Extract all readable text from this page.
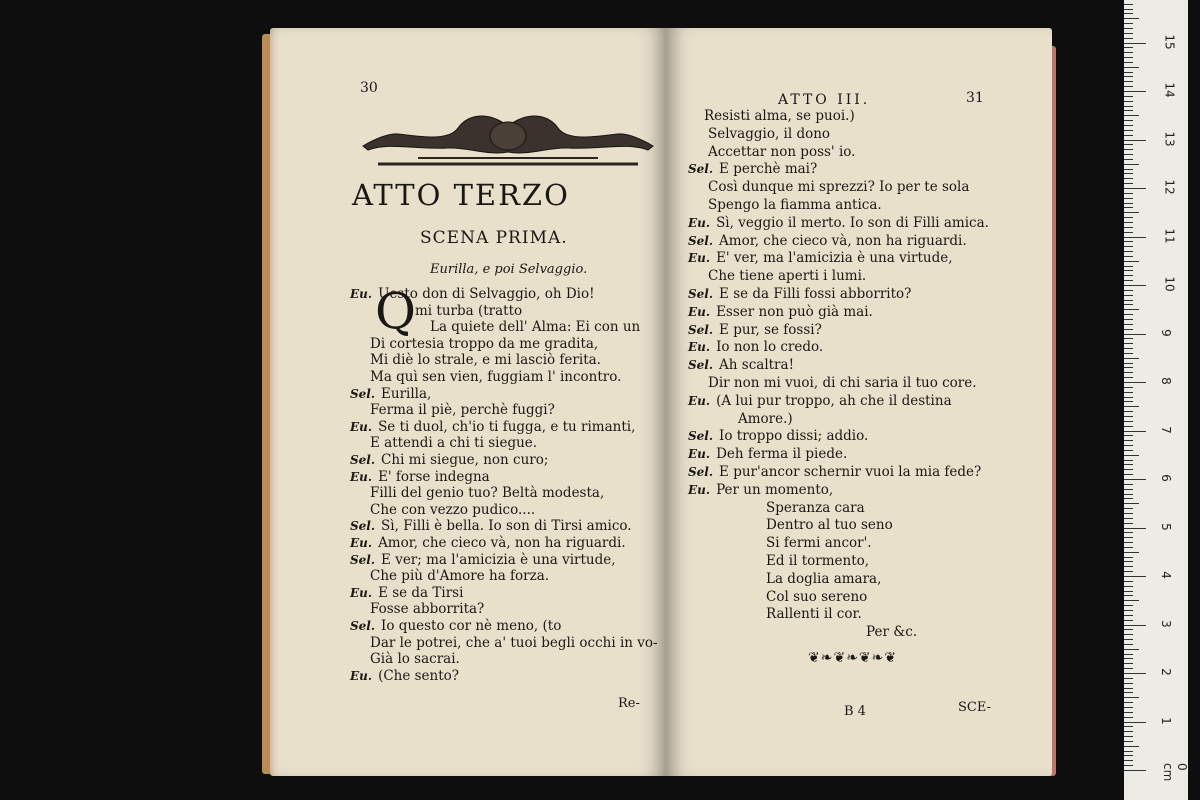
30
ATTO TERZO
SCENA PRIMA.
Eurilla, e poi Selvaggio.
Q
Eu. Uesto don di Selvaggio, oh Dio!
mi turba (tratto
La quiete dell' Alma: Ei con un
Di cortesia troppo da me gradita,
Mi diè lo strale, e mi lasciò ferita.
Ma quì sen vien, fuggiam l' incontro.
Sel. Eurilla,
Ferma il piè, perchè fuggi?
Eu. Se ti duol, ch'io ti fugga, e tu rimanti,
E attendi a chi ti siegue.
Sel. Chi mi siegue, non curo;
Eu. E' forse indegna
Filli del genio tuo? Beltà modesta,
Che con vezzo pudico....
Sel. Sì, Filli è bella. Io son di Tirsi amico.
Eu. Amor, che cieco và, non ha riguardi.
Sel. E ver; ma l'amicizia è una virtude,
Che più d'Amore ha forza.
Eu. E se da Tirsi
Fosse abborrita?
Sel. Io questo cor nè meno, (to
Dar le potrei, che a' tuoi begli occhi in vo-
Già lo sacrai.
Eu. (Che sento?
Re-
ATTO III.	31
Resisti alma, se puoi.)
Selvaggio, il dono
Accettar non poss' io.
Sel. E perchè mai?
Così dunque mi sprezzi? Io per te sola
Spengo la fiamma antica.
Eu. Sì, veggio il merto. Io son di Filli amica.
Sel. Amor, che cieco và, non ha riguardi.
Eu. E' ver, ma l'amicizia è una virtude,
Che tiene aperti i lumi.
Sel. E se da Filli fossi abborrito?
Eu. Esser non può già mai.
Sel. E pur, se fossi?
Eu. Io non lo credo.
Sel. Ah scaltra!
Dir non mi vuoi, di chi saria il tuo core.
Eu. (A lui pur troppo, ah che il destina
Amore.)
Sel. Io troppo dissi; addio.
Eu. Deh ferma il piede.
Sel. E pur'ancor schernir vuoi la mia fede?
Eu. Per un momento,
Speranza cara
Dentro al tuo seno
Si fermi ancor'.
Ed il tormento,
La doglia amara,
Col suo sereno
Rallenti il cor.
Per &c.
❦❧❦❧❦❧❦
B 4	SCE-
0 cm
1
2
3
4
5
6
7
8
9
10
11
12
13
14
15
